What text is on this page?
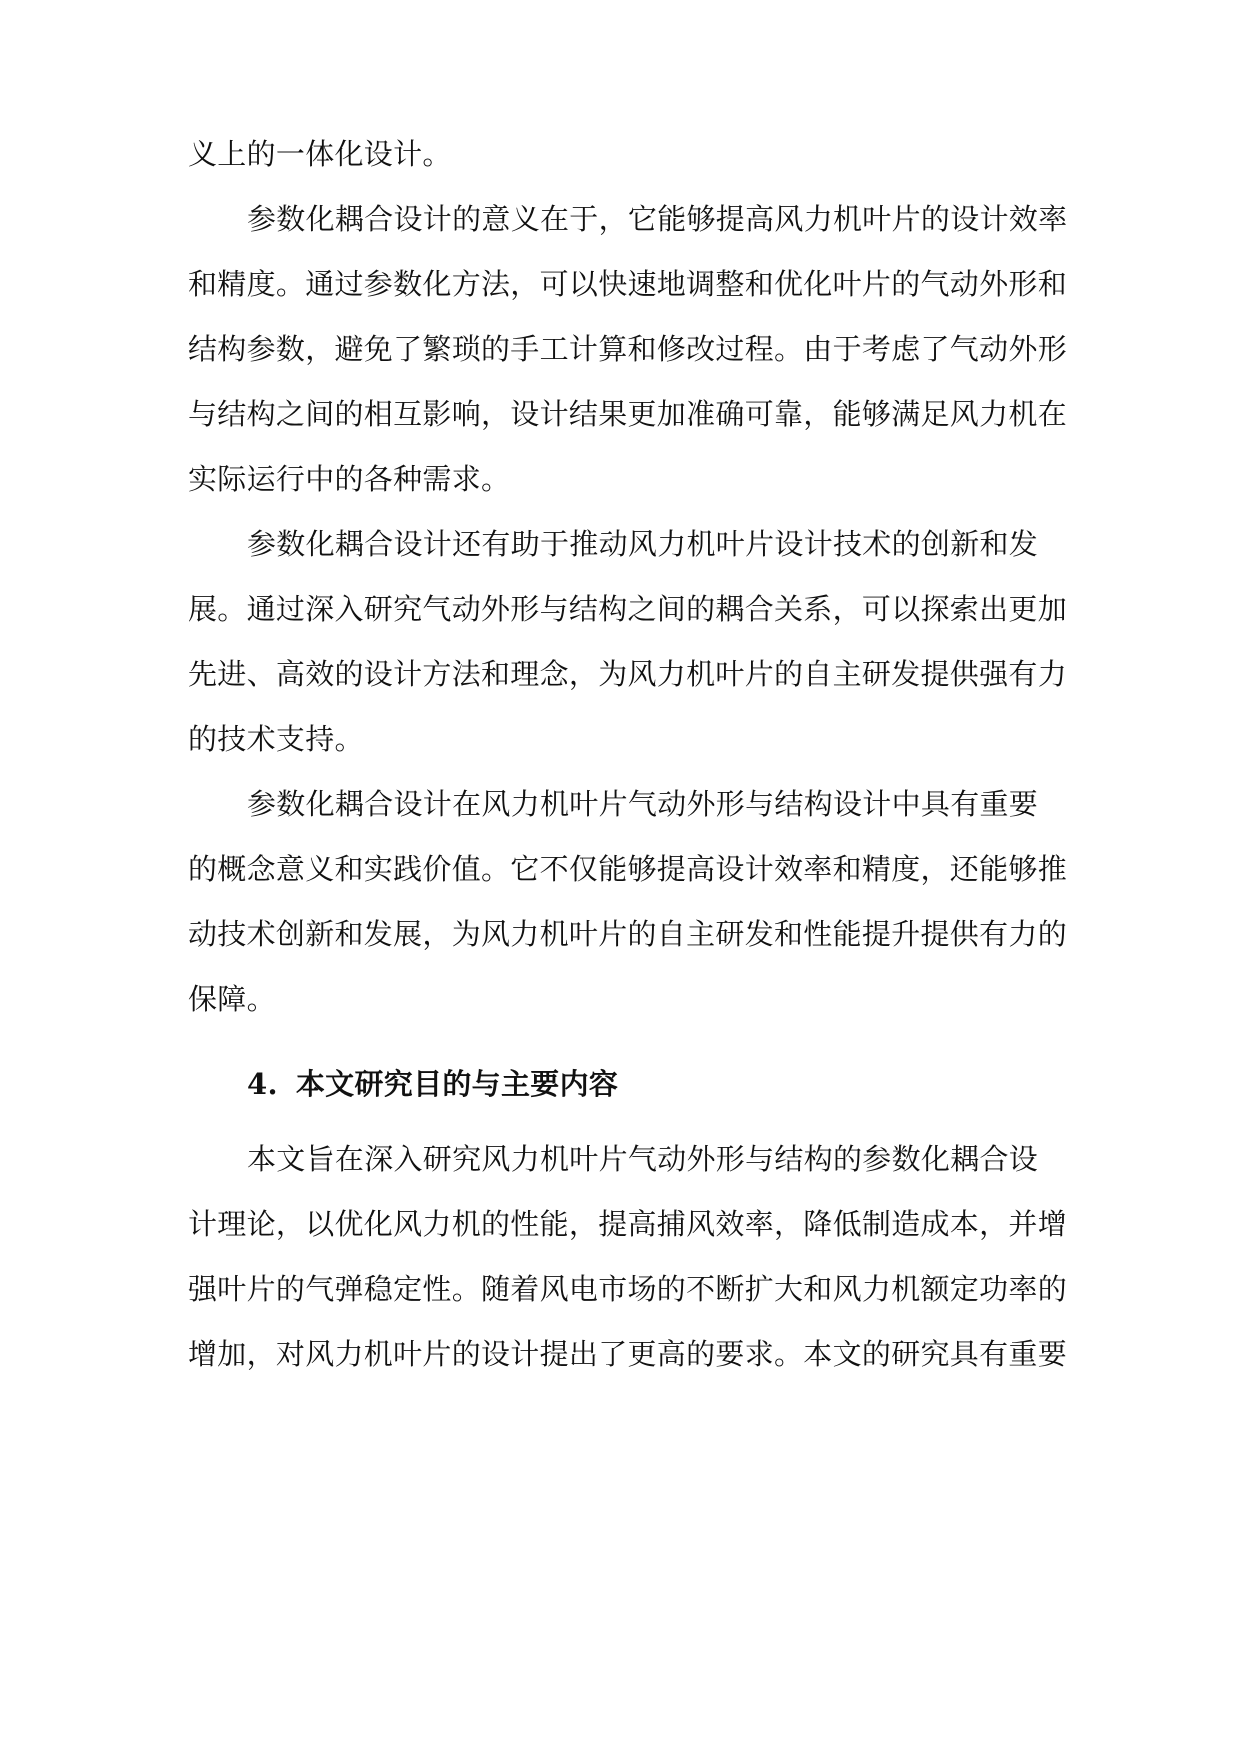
义上的一体化设计。
参数化耦合设计的意义在于，它能够提高风力机叶片的设计效率
和精度。通过参数化方法，可以快速地调整和优化叶片的气动外形和
结构参数，避免了繁琐的手工计算和修改过程。由于考虑了气动外形
与结构之间的相互影响，设计结果更加准确可靠，能够满足风力机在
实际运行中的各种需求。
参数化耦合设计还有助于推动风力机叶片设计技术的创新和发
展。通过深入研究气动外形与结构之间的耦合关系，可以探索出更加
先进、高效的设计方法和理念，为风力机叶片的自主研发提供强有力
的技术支持。
参数化耦合设计在风力机叶片气动外形与结构设计中具有重要
的概念意义和实践价值。它不仅能够提高设计效率和精度，还能够推
动技术创新和发展，为风力机叶片的自主研发和性能提升提供有力的
保障。
4. 本文研究目的与主要内容
本文旨在深入研究风力机叶片气动外形与结构的参数化耦合设
计理论，以优化风力机的性能，提高捕风效率，降低制造成本，并增
强叶片的气弹稳定性。随着风电市场的不断扩大和风力机额定功率的
增加，对风力机叶片的设计提出了更高的要求。本文的研究具有重要
